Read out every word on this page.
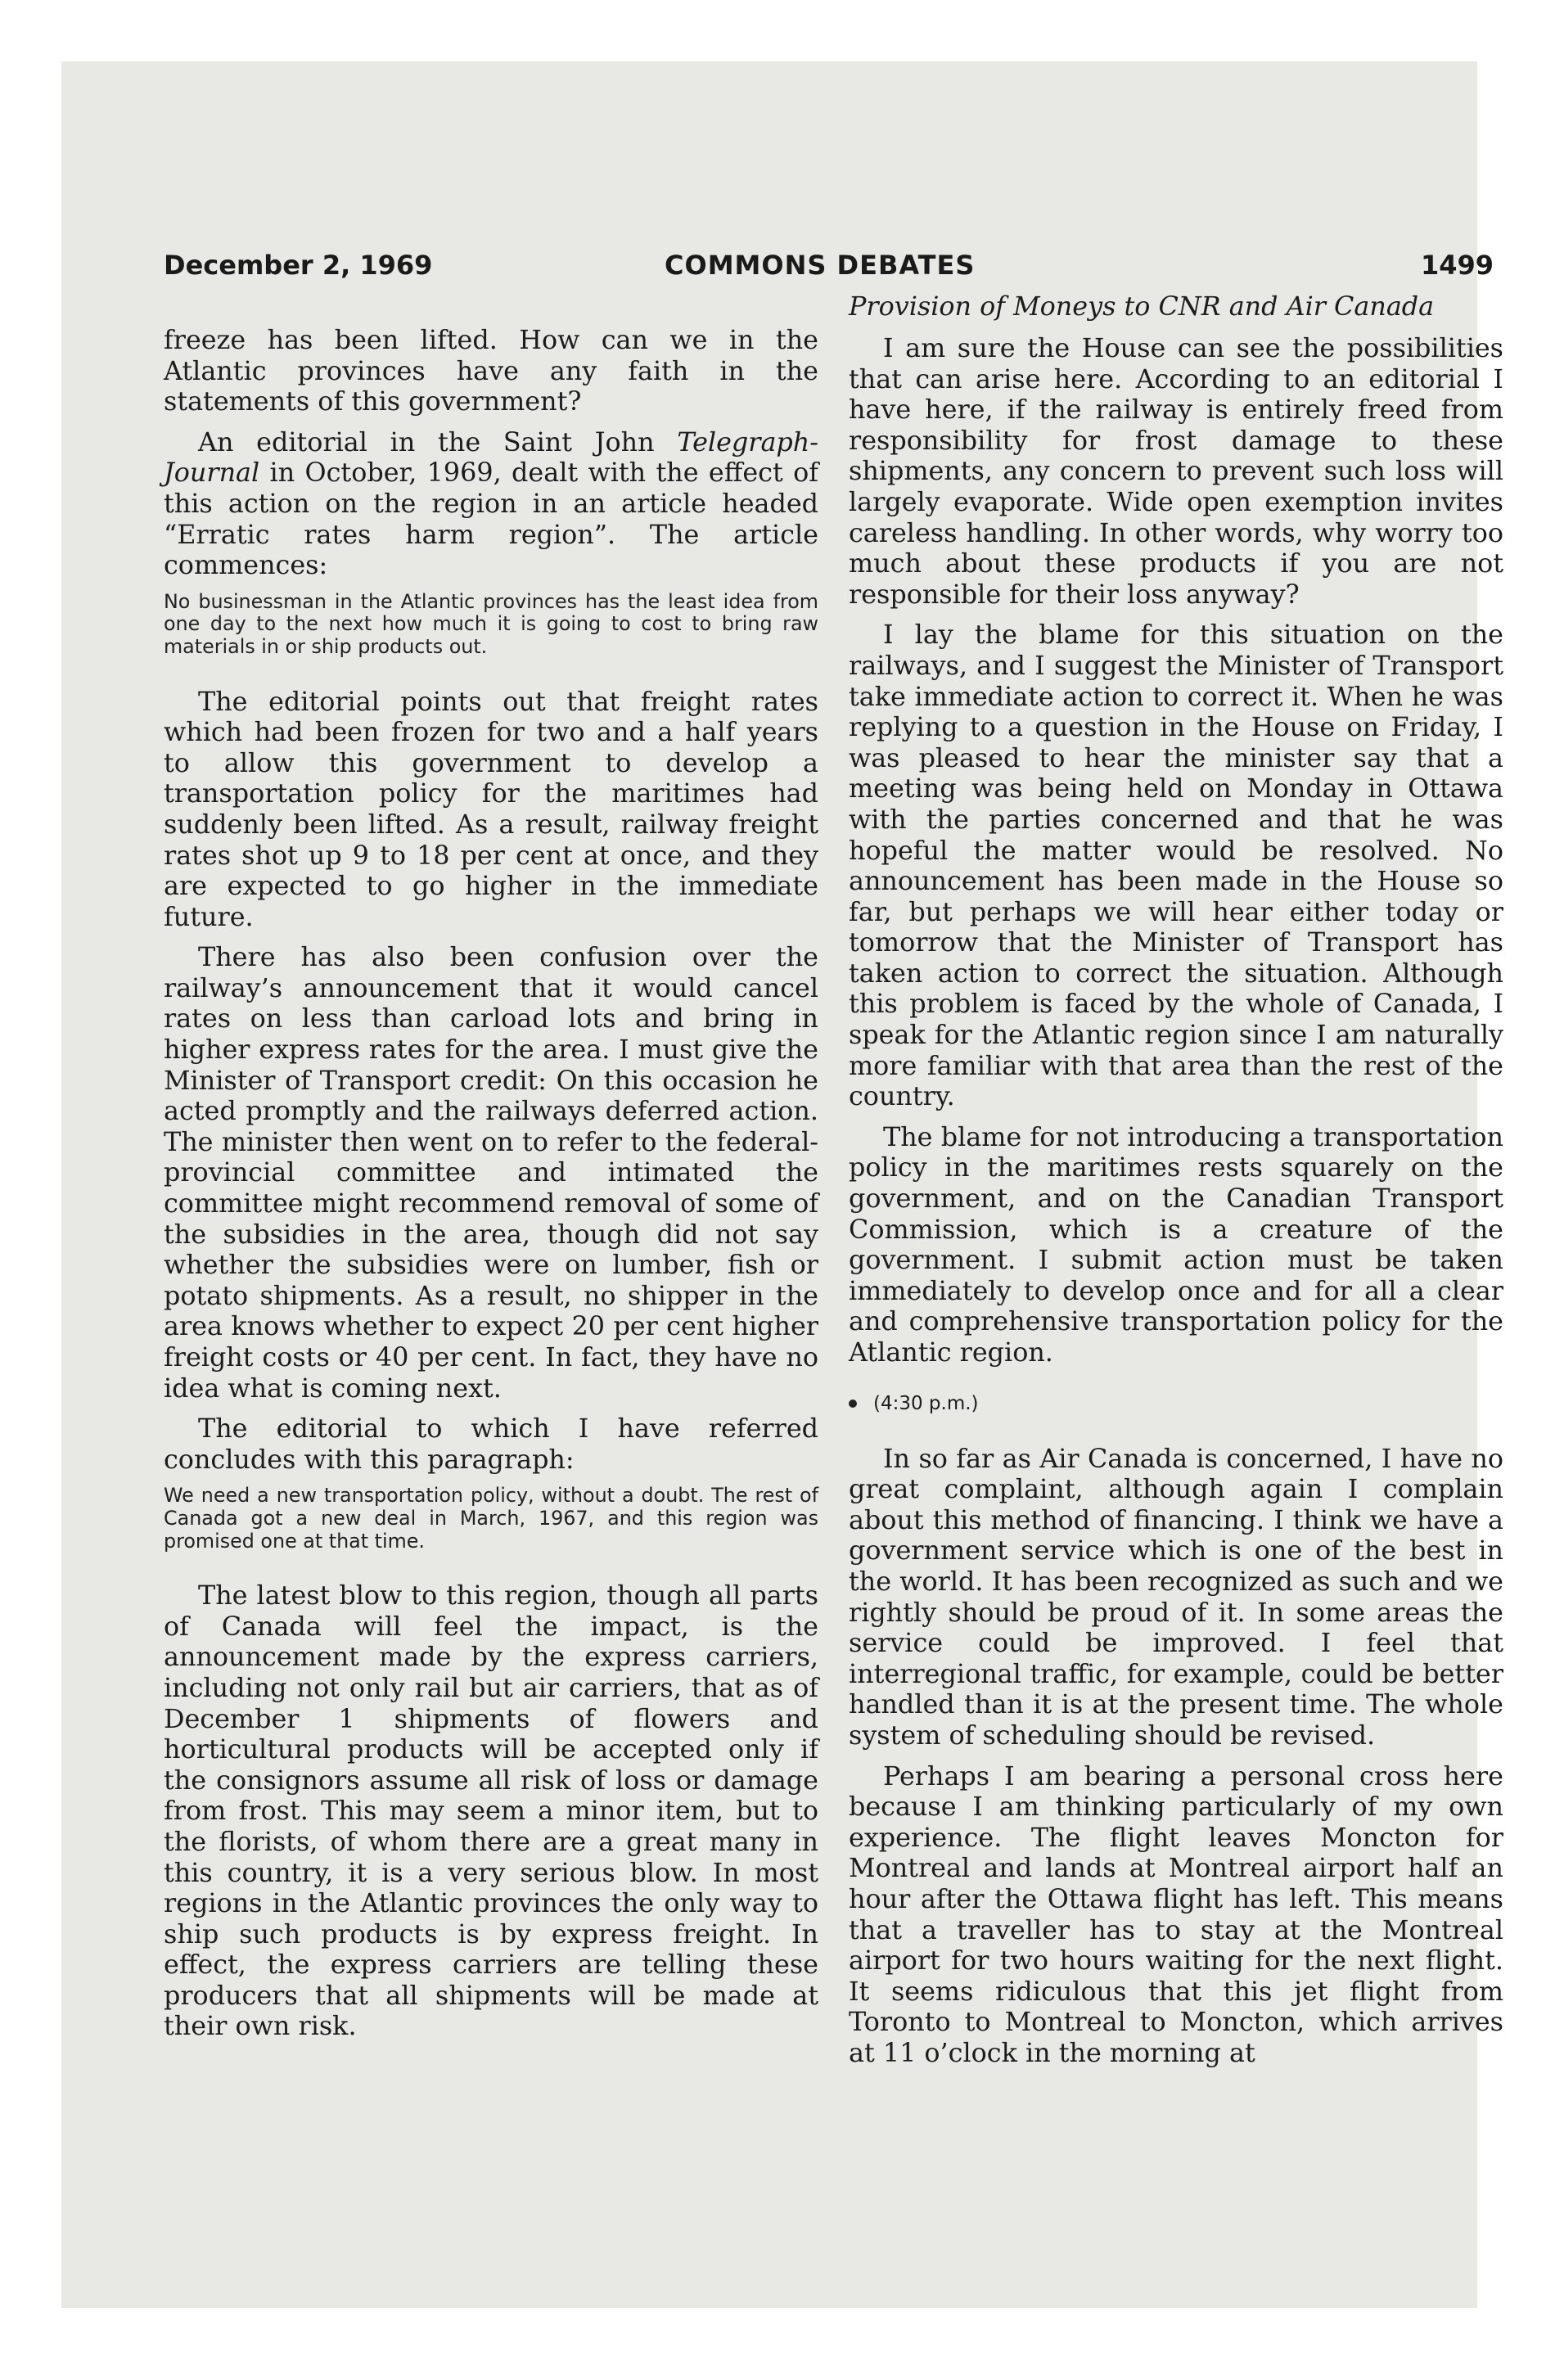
December 2, 1969	COMMONS DEBATES	1499

freeze has been lifted. How can we in the Atlantic provinces have any faith in the statements of this government?

An editorial in the Saint John Telegraph-Journal in October, 1969, dealt with the effect of this action on the region in an article headed “Erratic rates harm region”. The article commences:

No businessman in the Atlantic provinces has the least idea from one day to the next how much it is going to cost to bring raw materials in or ship products out.

The editorial points out that freight rates which had been frozen for two and a half years to allow this government to develop a transportation policy for the maritimes had suddenly been lifted. As a result, railway freight rates shot up 9 to 18 per cent at once, and they are expected to go higher in the immediate future.

There has also been confusion over the railway’s announcement that it would cancel rates on less than carload lots and bring in higher express rates for the area. I must give the Minister of Transport credit: On this occasion he acted promptly and the railways deferred action. The minister then went on to refer to the federal-provincial committee and intimated the committee might recommend removal of some of the subsidies in the area, though did not say whether the subsidies were on lumber, fish or potato shipments. As a result, no shipper in the area knows whether to expect 20 per cent higher freight costs or 40 per cent. In fact, they have no idea what is coming next.

The editorial to which I have referred concludes with this paragraph:

We need a new transportation policy, without a doubt. The rest of Canada got a new deal in March, 1967, and this region was promised one at that time.

The latest blow to this region, though all parts of Canada will feel the impact, is the announcement made by the express carriers, including not only rail but air carriers, that as of December 1 shipments of flowers and horticultural products will be accepted only if the consignors assume all risk of loss or damage from frost. This may seem a minor item, but to the florists, of whom there are a great many in this country, it is a very serious blow. In most regions in the Atlantic provinces the only way to ship such products is by express freight. In effect, the express carriers are telling these producers that all shipments will be made at their own risk.

Provision of Moneys to CNR and Air Canada

I am sure the House can see the possibilities that can arise here. According to an editorial I have here, if the railway is entirely freed from responsibility for frost damage to these shipments, any concern to prevent such loss will largely evaporate. Wide open exemption invites careless handling. In other words, why worry too much about these products if you are not responsible for their loss anyway?

I lay the blame for this situation on the railways, and I suggest the Minister of Transport take immediate action to correct it. When he was replying to a question in the House on Friday, I was pleased to hear the minister say that a meeting was being held on Monday in Ottawa with the parties concerned and that he was hopeful the matter would be resolved. No announcement has been made in the House so far, but perhaps we will hear either today or tomorrow that the Minister of Transport has taken action to correct the situation. Although this problem is faced by the whole of Canada, I speak for the Atlantic region since I am naturally more familiar with that area than the rest of the country.

The blame for not introducing a transportation policy in the maritimes rests squarely on the government, and on the Canadian Transport Commission, which is a creature of the government. I submit action must be taken immediately to develop once and for all a clear and comprehensive transportation policy for the Atlantic region.

(4:30 p.m.)

In so far as Air Canada is concerned, I have no great complaint, although again I complain about this method of financing. I think we have a government service which is one of the best in the world. It has been recognized as such and we rightly should be proud of it. In some areas the service could be improved. I feel that interregional traffic, for example, could be better handled than it is at the present time. The whole system of scheduling should be revised.

Perhaps I am bearing a personal cross here because I am thinking particularly of my own experience. The flight leaves Moncton for Montreal and lands at Montreal airport half an hour after the Ottawa flight has left. This means that a traveller has to stay at the Montreal airport for two hours waiting for the next flight. It seems ridiculous that this jet flight from Toronto to Montreal to Moncton, which arrives at 11 o’clock in the morning at
